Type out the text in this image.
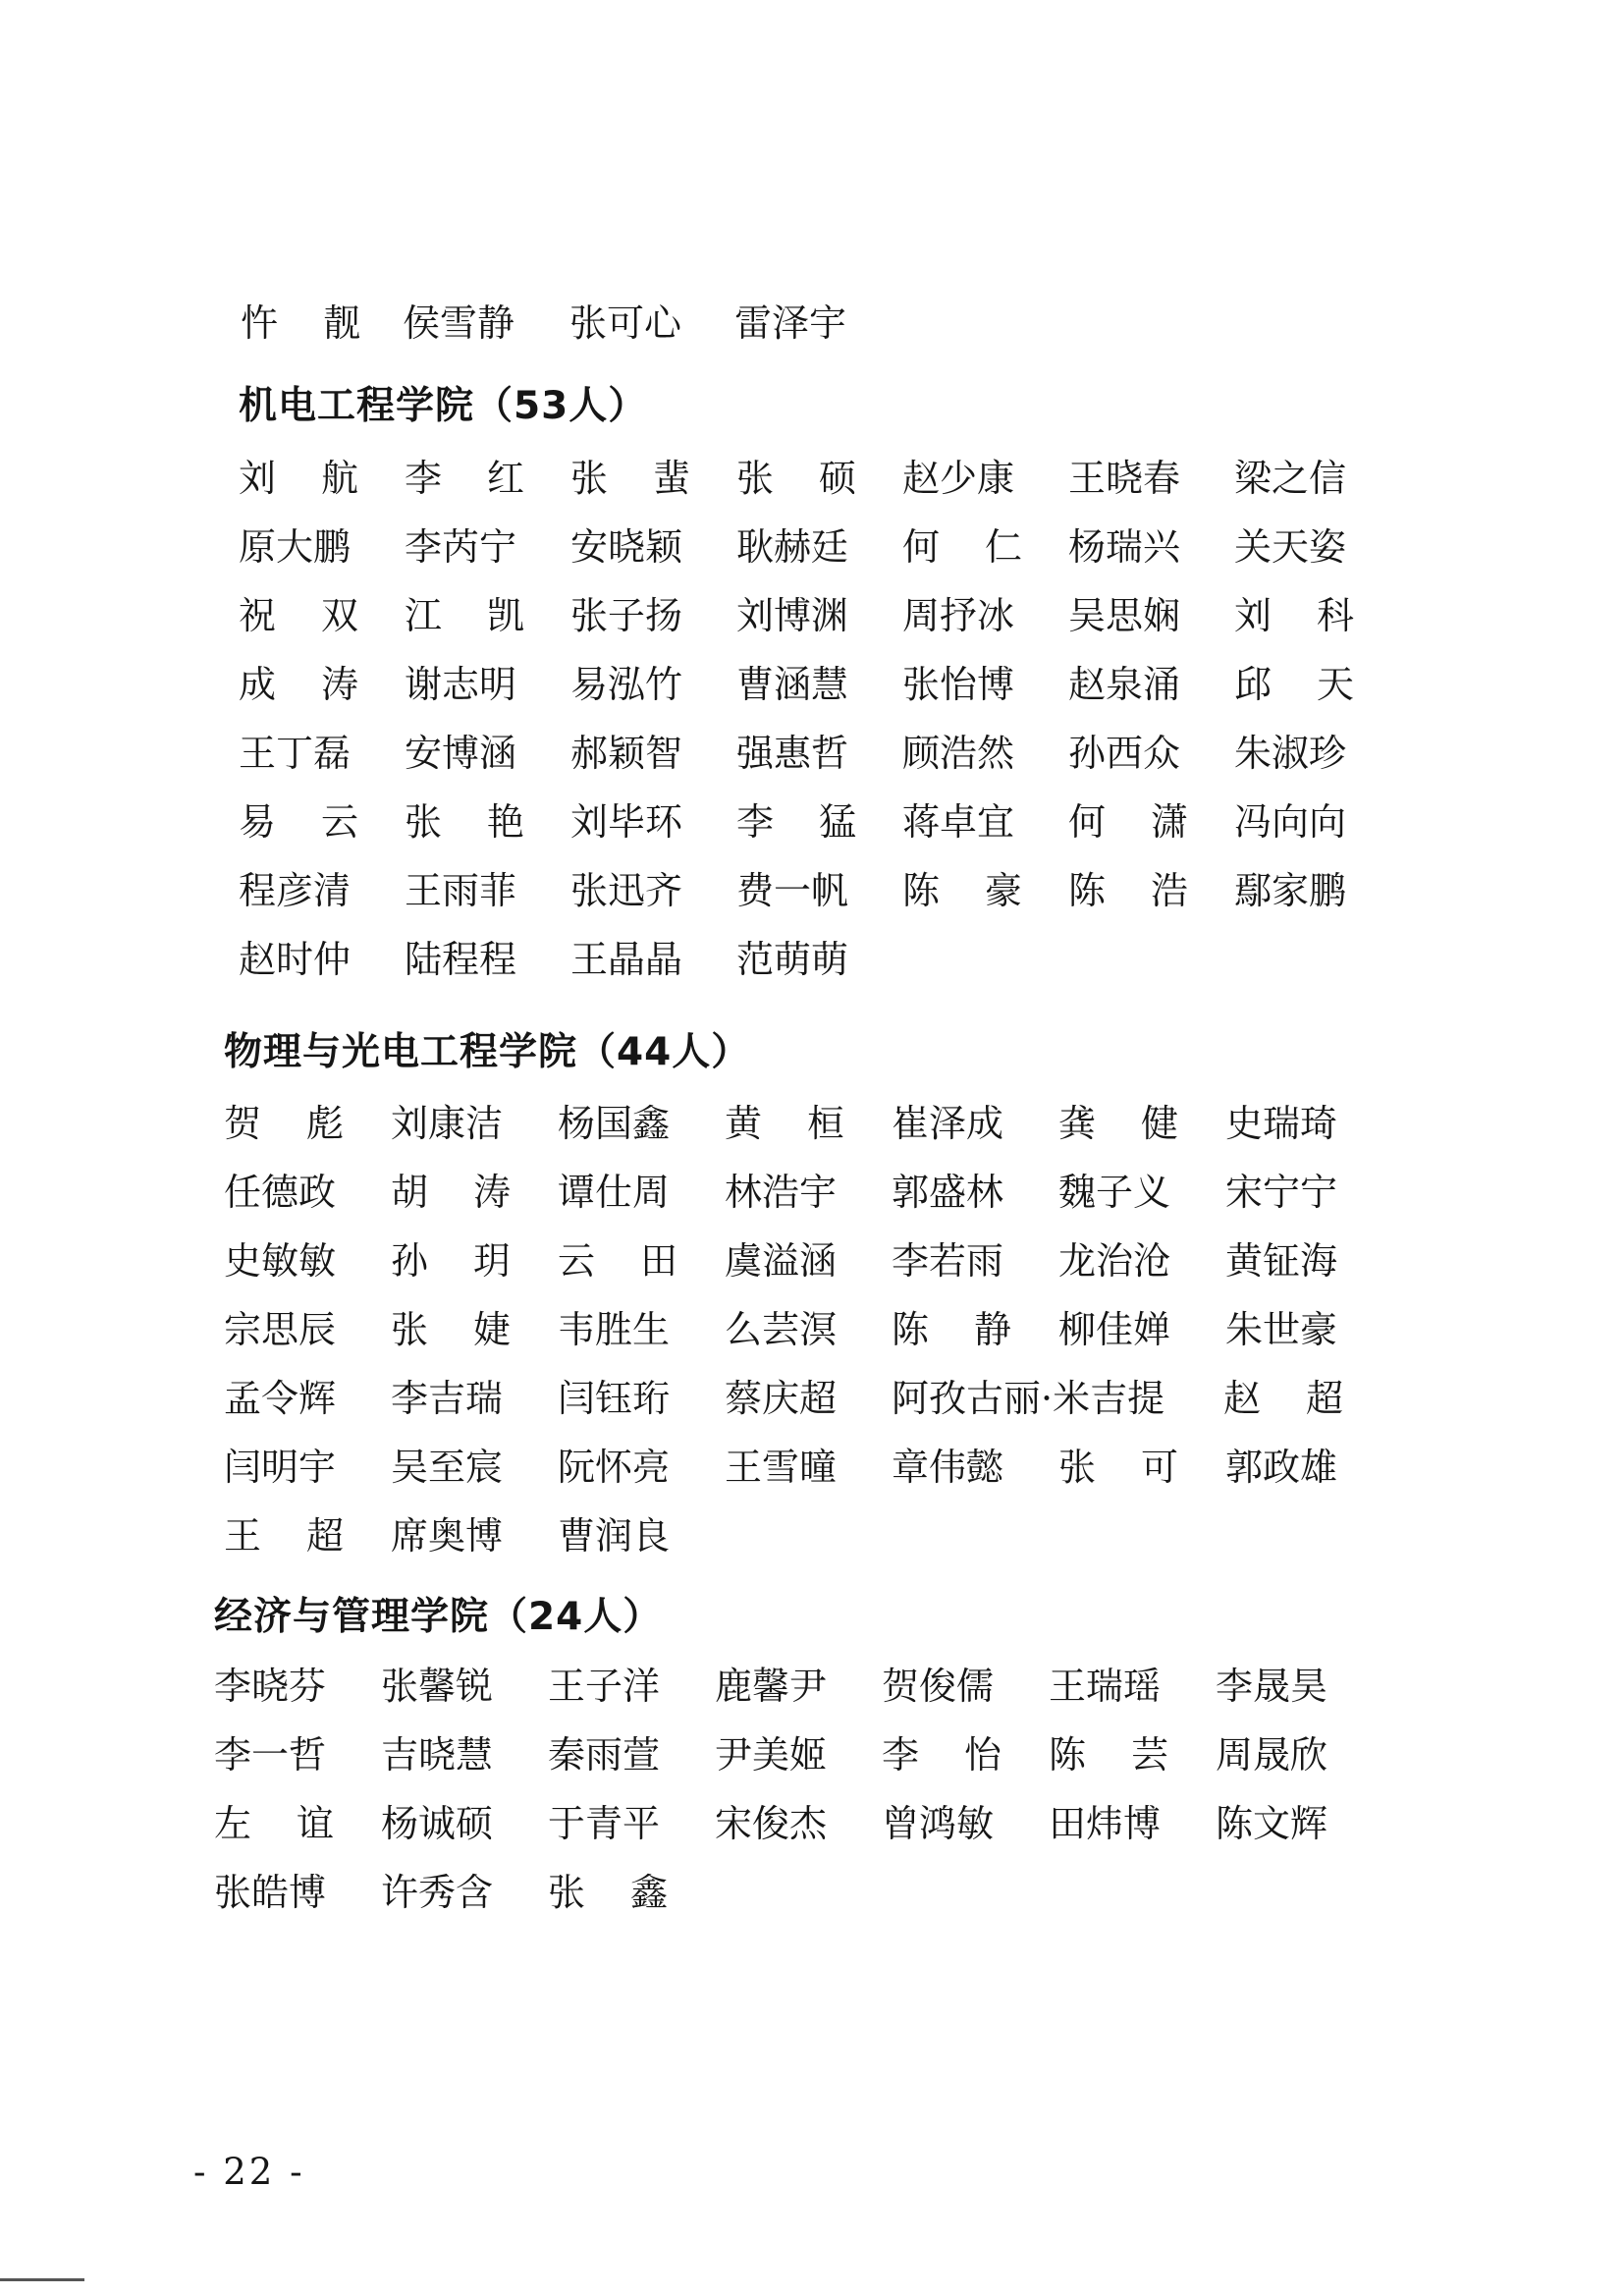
忤 靓 侯雪静 张可心 雷泽宇
机电工程学院（53人）
刘 航 李 红 张 蜚 张 硕 赵少康 王晓春 梁之信
原大鹏 李芮宁 安晓颖 耿赫廷 何 仁 杨瑞兴 关天姿
祝 双 江 凯 张子扬 刘博渊 周抒冰 吴思娴 刘 科
成 涛 谢志明 易泓竹 曹涵慧 张怡博 赵泉涌 邱 天
王丁磊 安博涵 郝颖智 强惠哲 顾浩然 孙西众 朱淑珍
易 云 张 艳 刘毕环 李 猛 蒋卓宜 何 潇 冯向向
程彦清 王雨菲 张迅齐 费一帆 陈 豪 陈 浩 鄢家鹏
赵时仲 陆程程 王晶晶 范萌萌
物理与光电工程学院（44人）
贺 彪 刘康洁 杨国鑫 黄 桓 崔泽成 龚 健 史瑞琦
任德政 胡 涛 谭仕周 林浩宇 郭盛林 魏子义 宋宁宁
史敏敏 孙 玥 云 田 虞溢涵 李若雨 龙治沧 黄钲海
宗思辰 张 婕 韦胜生 么芸溟 陈 静 柳佳婵 朱世豪
孟令辉 李吉瑞 闫钰珩 蔡庆超 阿孜古丽·米吉提	赵 超
闫明宇 吴至宸 阮怀亮 王雪曈 章伟懿 张 可 郭政雄
王 超 席奥博 曹润良
经济与管理学院（24人）
李晓芬 张馨锐 王子洋 鹿馨尹 贺俊儒 王瑞瑶 李晟昊
李一哲 吉晓慧 秦雨萱 尹美姬 李 怡 陈 芸 周晟欣
左 谊 杨诚硕 于青平 宋俊杰 曾鸿敏 田炜博 陈文辉
张皓博 许秀含 张 鑫
- 22 -
